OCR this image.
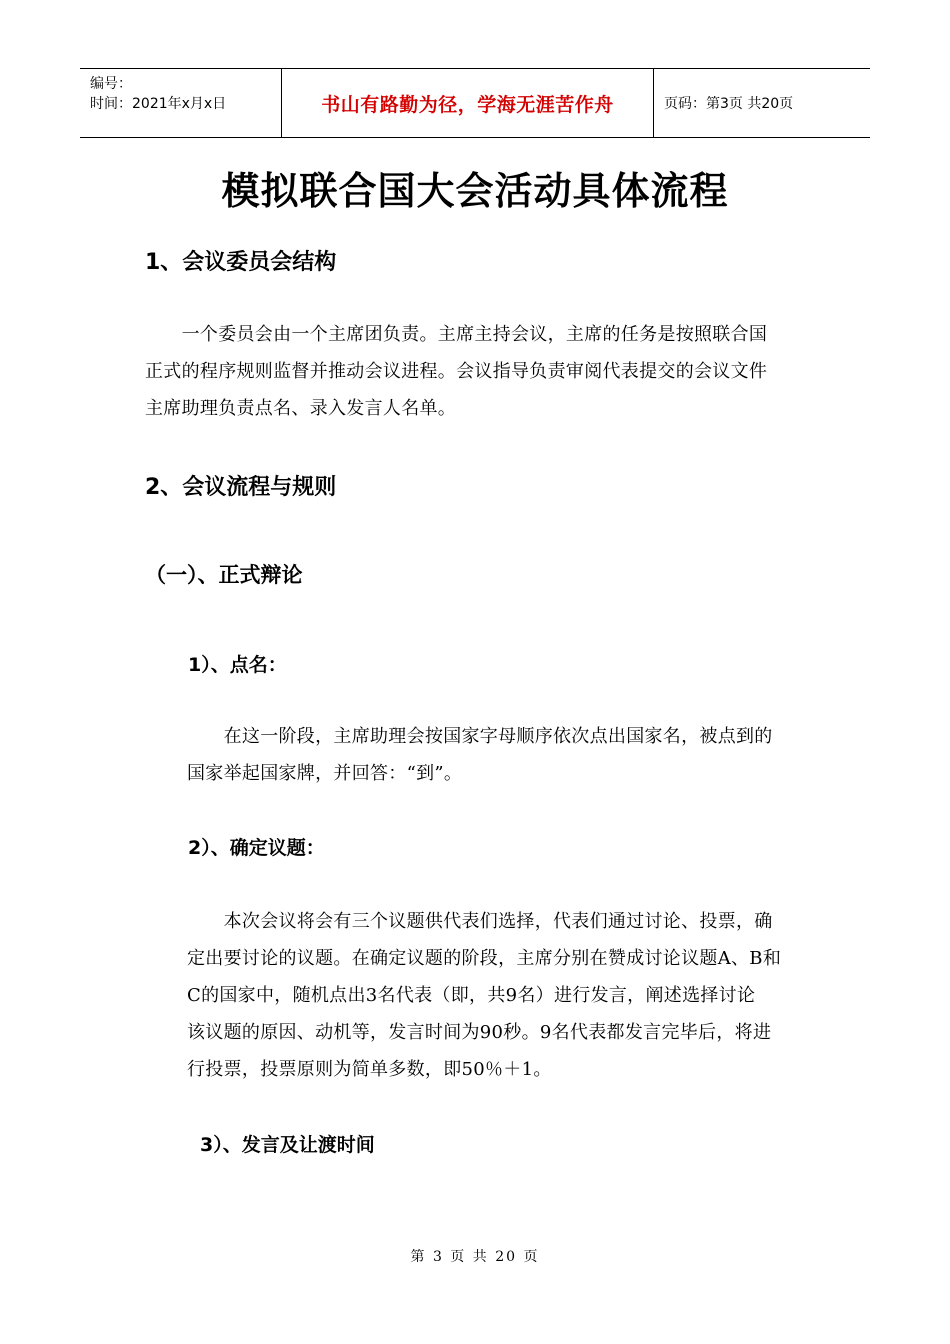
编号：
时间：2021年x月x日	书山有路勤为径，学海无涯苦作舟	页码：第3页 共20页
模拟联合国大会活动具体流程
1、会议委员会结构

　　一个委员会由一个主席团负责。主席主持会议，主席的任务是按照联合国

正式的程序规则监督并推动会议进程。会议指导负责审阅代表提交的会议文件

主席助理负责点名、录入发言人名单。

2、会议流程与规则
（一）、正式辩论
1）、点名：

　　在这一阶段，主席助理会按国家字母顺序依次点出国家名，被点到的

国家举起国家牌，并回答：“到”。

2）、确定议题：

　　本次会议将会有三个议题供代表们选择，代表们通过讨论、投票，确

定出要讨论的议题。在确定议题的阶段，主席分别在赞成讨论议题A、B和

C的国家中，随机点出3名代表（即，共9名）进行发言，阐述选择讨论

该议题的原因、动机等，发言时间为90秒。9名代表都发言完毕后，将进

行投票，投票原则为简单多数，即50％＋1。

3）、发言及让渡时间
第 3 页 共 20 页
